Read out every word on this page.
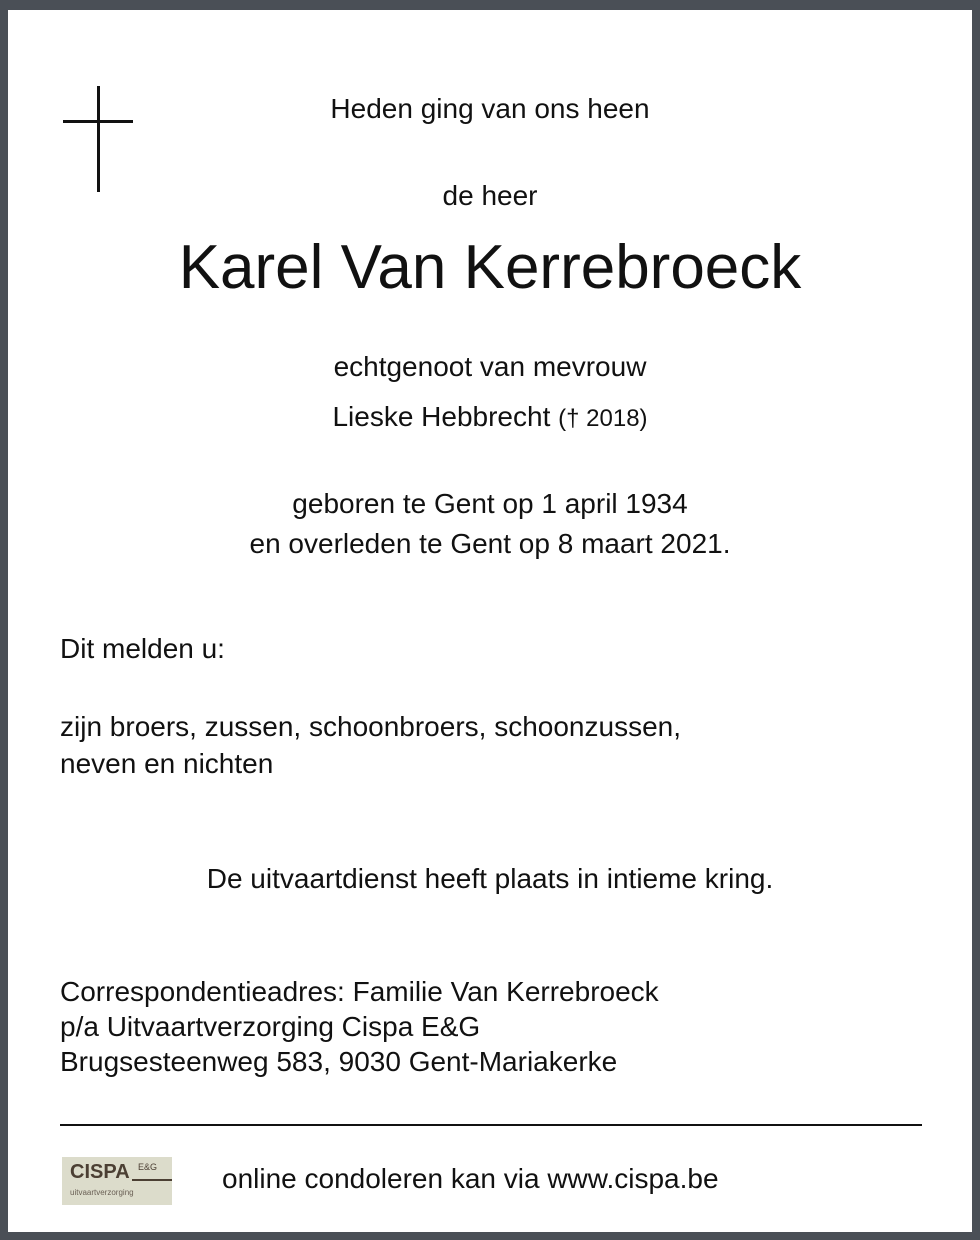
Heden ging van ons heen
de heer
Karel Van Kerrebroeck
echtgenoot van mevrouw
Lieske Hebbrecht († 2018)
geboren te Gent op 1 april 1934
en overleden te Gent op 8 maart 2021.
Dit melden u:
zijn broers, zussen, schoonbroers, schoonzussen,
neven en nichten
De uitvaartdienst heeft plaats in intieme kring.
Correspondentieadres: Familie Van Kerrebroeck
p/a Uitvaartverzorging Cispa E&G
Brugsesteenweg 583, 9030 Gent-Mariakerke
CISPA E&G
uitvaartverzorging	online condoleren kan via www.cispa.be
